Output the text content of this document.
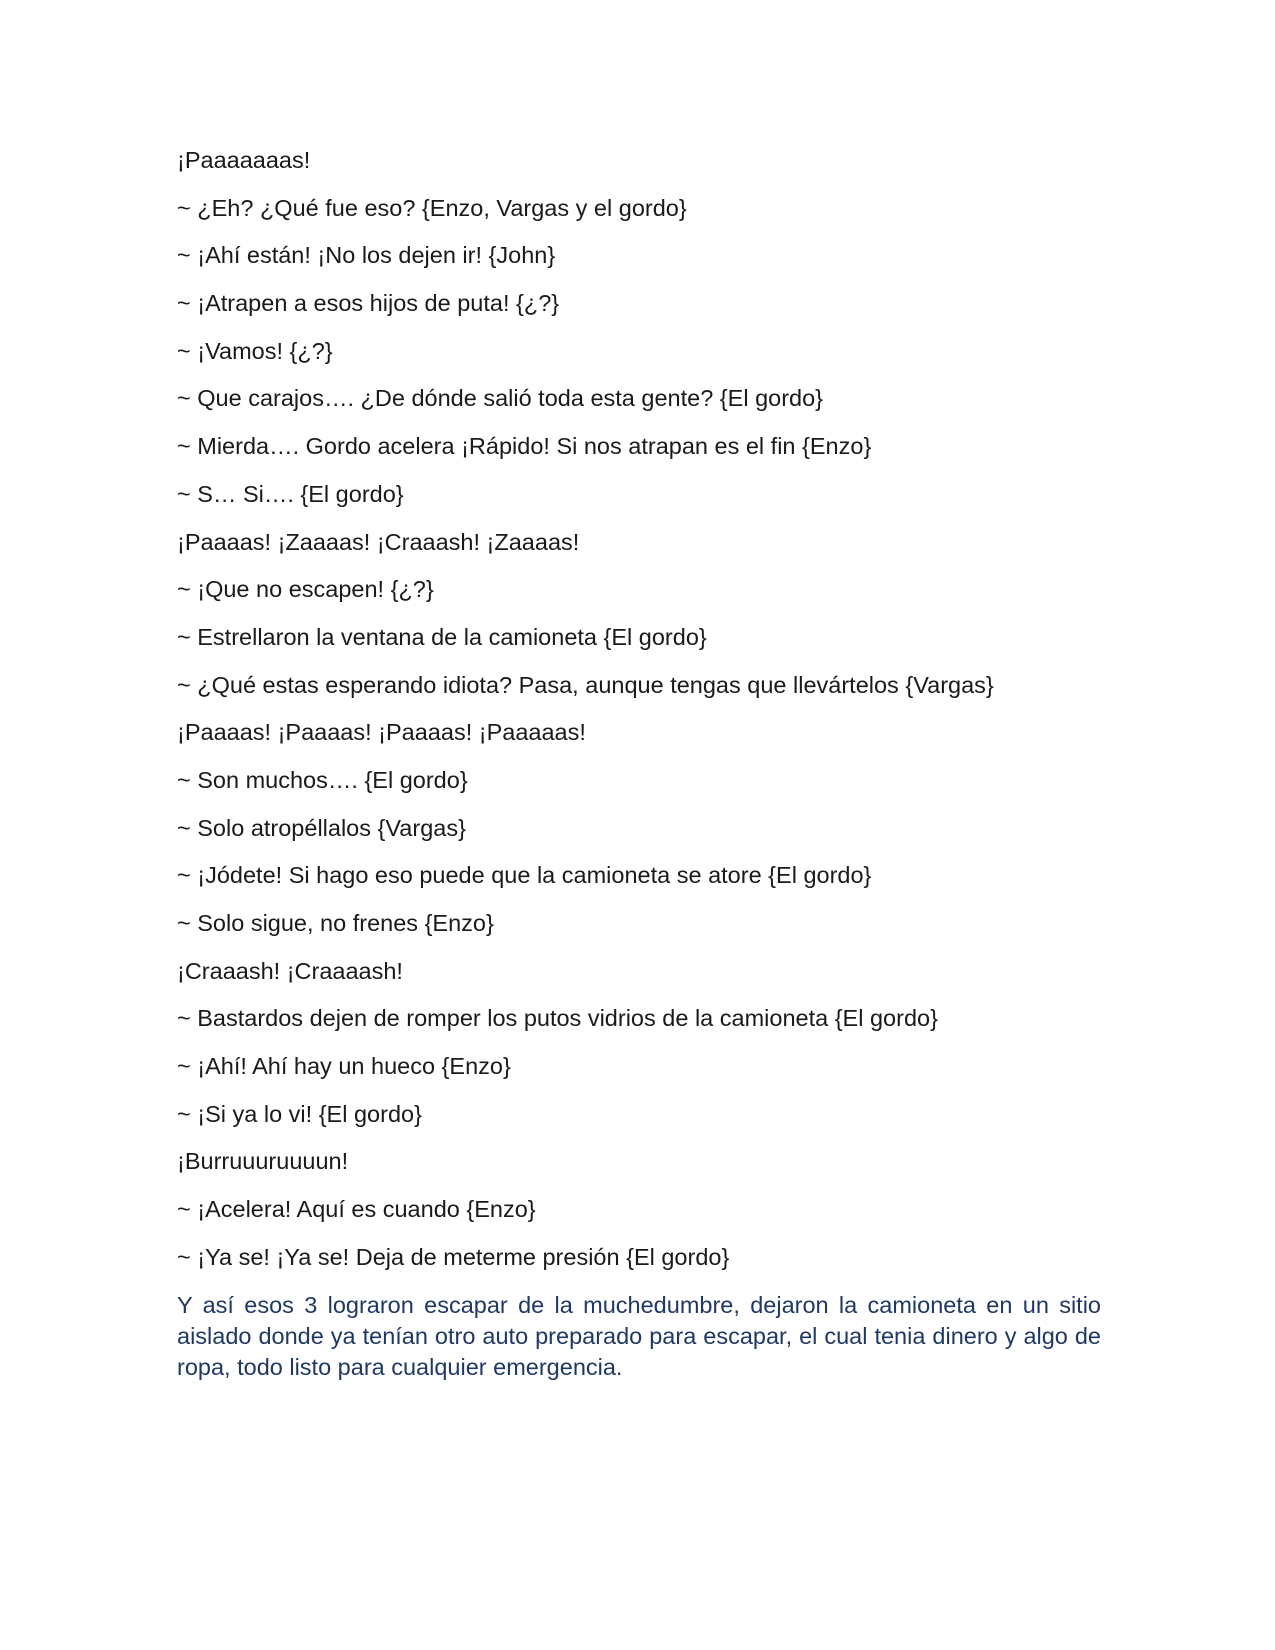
¡Paaaaaaas!
~ ¿Eh? ¿Qué fue eso? {Enzo, Vargas y el gordo}
~ ¡Ahí están! ¡No los dejen ir! {John}
~ ¡Atrapen a esos hijos de puta! {¿?}
~ ¡Vamos! {¿?}
~ Que carajos…. ¿De dónde salió toda esta gente? {El gordo}
~ Mierda…. Gordo acelera ¡Rápido! Si nos atrapan es el fin {Enzo}
~ S… Si…. {El gordo}
¡Paaaas! ¡Zaaaas! ¡Craaash! ¡Zaaaas!
~ ¡Que no escapen! {¿?}
~ Estrellaron la ventana de la camioneta {El gordo}
~ ¿Qué estas esperando idiota? Pasa, aunque tengas que llevártelos {Vargas}
¡Paaaas! ¡Paaaas! ¡Paaaas! ¡Paaaaas!
~ Son muchos…. {El gordo}
~ Solo atropéllalos {Vargas}
~ ¡Jódete! Si hago eso puede que la camioneta se atore {El gordo}
~ Solo sigue, no frenes {Enzo}
¡Craaash! ¡Craaaash!
~ Bastardos dejen de romper los putos vidrios de la camioneta {El gordo}
~ ¡Ahí! Ahí hay un hueco {Enzo}
~ ¡Si ya lo vi! {El gordo}
¡Burruuuruuuun!
~ ¡Acelera! Aquí es cuando {Enzo}
~ ¡Ya se! ¡Ya se! Deja de meterme presión {El gordo}

Y así esos 3 lograron escapar de la muchedumbre, dejaron la camioneta en un sitio aislado donde ya tenían otro auto preparado para escapar, el cual tenia dinero y algo de ropa, todo listo para cualquier emergencia.
